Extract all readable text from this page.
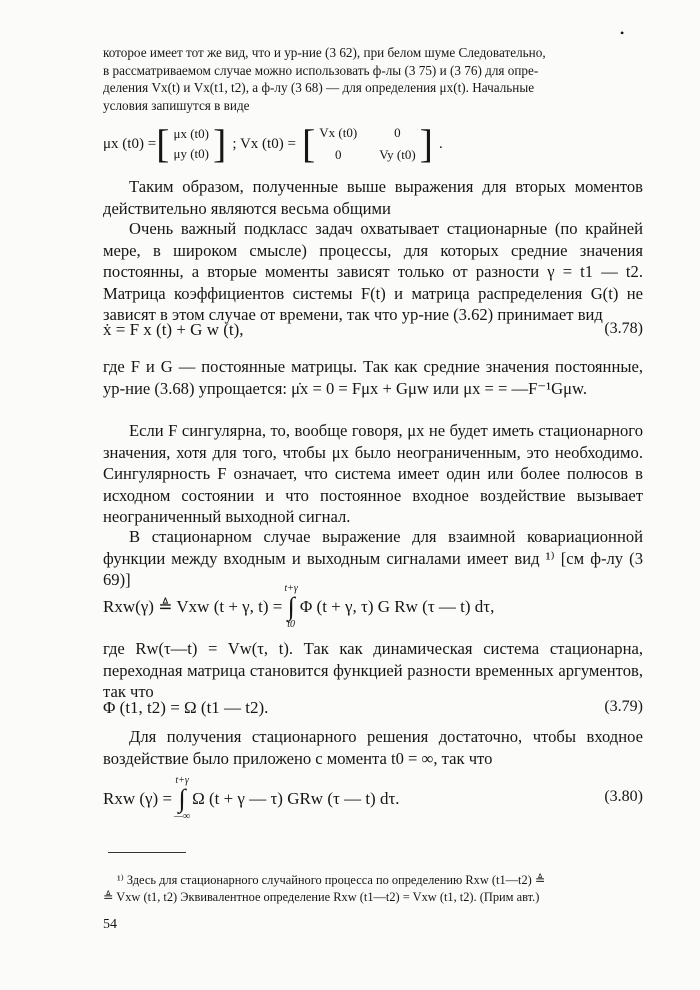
•
которое имеет тот же вид, что и ур-ние (3 62), при белом шуме Следовательно,
в рассматриваемом случае можно использовать ф-лы (3 75) и (3 76) для опре-
деления Vx(t) и Vx(t1, t2), а ф-лу (3 68) — для определения μx(t). Начальные
условия запишутся в виде
μx (t0) = [ μx (t0)
μy (t0) ] ; Vx (t0) = [ Vx (t0)	0
0	Vy (t0) ] .

Таким образом, полученные выше выражения для вторых моментов действительно являются весьма общими

Очень важный подкласс задач охватывает стационарные (по крайней мере, в широком смысле) процессы, для которых средние значения постоянны, а вторые моменты зависят только от разности γ = t1 — t2. Матрица коэффициентов системы F(t) и матрица распределения G(t) не зависят в этом случае от времени, так что ур-ние (3.62) принимает вид

ẋ = F x (t) + G w (t),	(3.78)

где F и G — постоянные матрицы. Так как средние значения постоянные, ур-ние (3.68) упрощается: μ̇x = 0 = Fμx + Gμw или μx = = —F⁻¹Gμw.

Если F сингулярна, то, вообще говоря, μx не будет иметь стационарного значения, хотя для того, чтобы μx было неограниченным, это необходимо. Сингулярность F означает, что система имеет один или более полюсов в исходном состоянии и что постоянное входное воздействие вызывает неограниченный выходной сигнал.

В стационарном случае выражение для взаимной ковариационной функции между входным и выходным сигналами имеет вид ¹⁾ [см ф-лу (3 69)]

Rxw(γ) ≜ Vxw (t + γ, t) =
t+γ
∫
t0
Φ (t + γ, τ) G Rw (τ — t) dτ,

где Rw(τ—t) = Vw(τ, t). Так как динамическая система стационарна, переходная матрица становится функцией разности временных аргументов, так что

Φ (t1, t2) = Ω (t1 — t2).	(3.79)

Для получения стационарного решения достаточно, чтобы входное воздействие было приложено с момента t0 = ∞, так что

Rxw (γ) =
t+γ
∫
—∞
Ω (t + γ — τ) GRw (τ — t) dτ.	(3.80)
¹⁾ Здесь для стационарного случайного процесса по определению Rxw (t1—t2) ≜
≜ Vxw (t1, t2) Эквивалентное определение Rxw (t1—t2) = Vxw (t1, t2). (Прим авт.)
54
